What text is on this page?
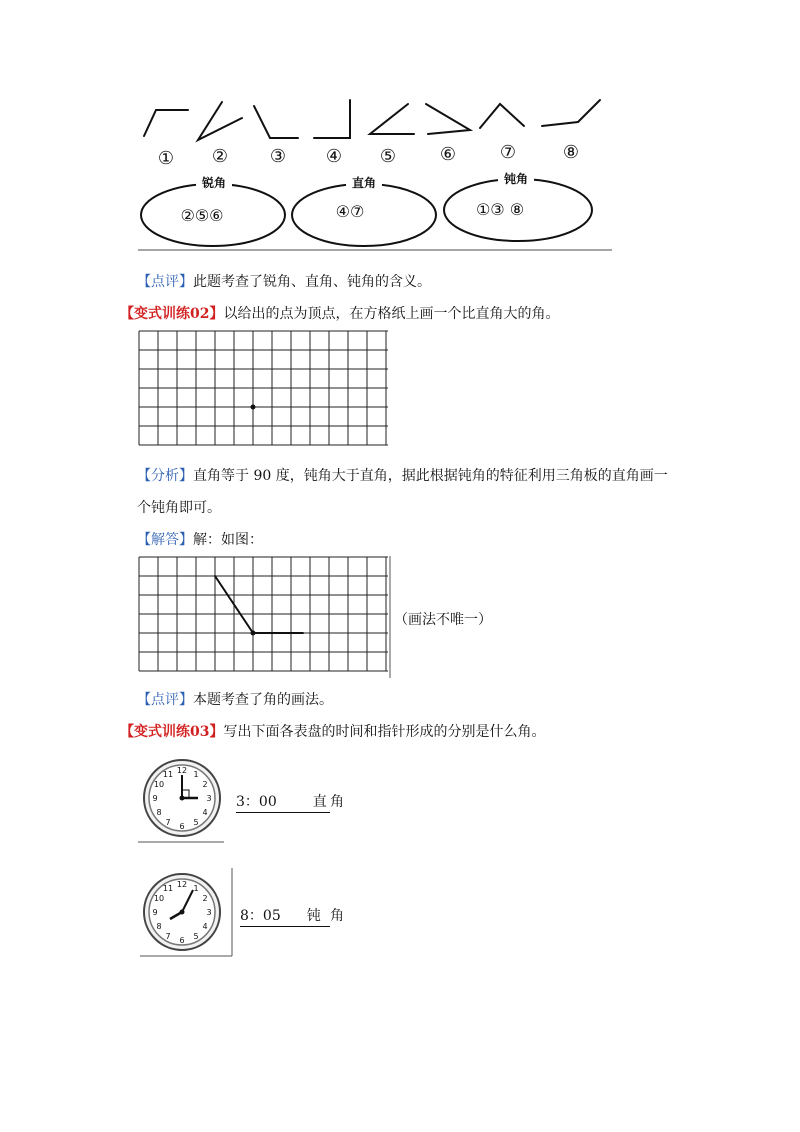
① ② ③ ④ ⑤ ⑥ ⑦	⑧
锐角	直角	钝角
②⑤⑥	④⑦	①③ ⑧
【点评】此题考查了锐角、直角、钝角的含义。
【变式训练02】以给出的点为顶点，在方格纸上画一个比直角大的角。
【分析】直角等于 90 度，钝角大于直角，据此根据钝角的特征利用三角板的直角画一
个钝角即可。
【解答】解：如图：
（画法不唯一）
【点评】本题考查了角的画法。
【变式训练03】写出下面各表盘的时间和指针形成的分别是什么角。
12 1
2
3
4
5
6
7
8
9
10
11
3：00	直 角
12 1
2
3
4
5
6
7
8
9
10
11
8：05 钝 角
